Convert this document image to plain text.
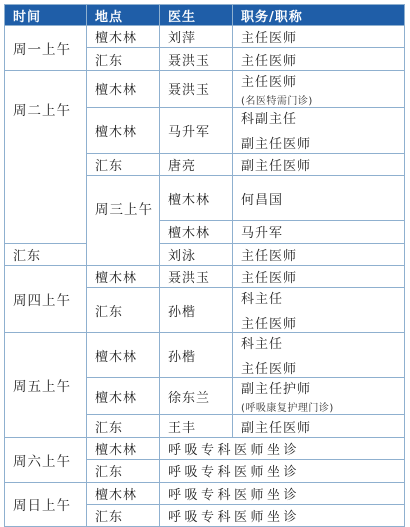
时间	地点	医生	职务/职称	
周一上午	檀木林	刘萍	主任医师	
	汇东	聂洪玉	主任医师	
周二上午	檀木林	聂洪玉	主任医师
(名医特需门诊)	

	檀木林	马升军	科副主任
副主任医师	

	汇东	唐亮	副主任医师	
	周三上午	檀木林	何昌国	

		檀木林	马升军	
汇东		刘泳	主任医师	
周四上午	檀木林	聂洪玉	主任医师	
	汇东	孙楷	科主任
主任医师	

周五上午	檀木林	孙楷	科主任
主任医师	

	檀木林	徐东兰	副主任护师
(呼吸康复护理门诊)	

	汇东	王丰	副主任医师	
周六上午	檀木林	呼吸专科医师坐诊		
	汇东	呼吸专科医师坐诊		
周日上午	檀木林	呼吸专科医师坐诊		
	汇东	呼吸专科医师坐诊		
